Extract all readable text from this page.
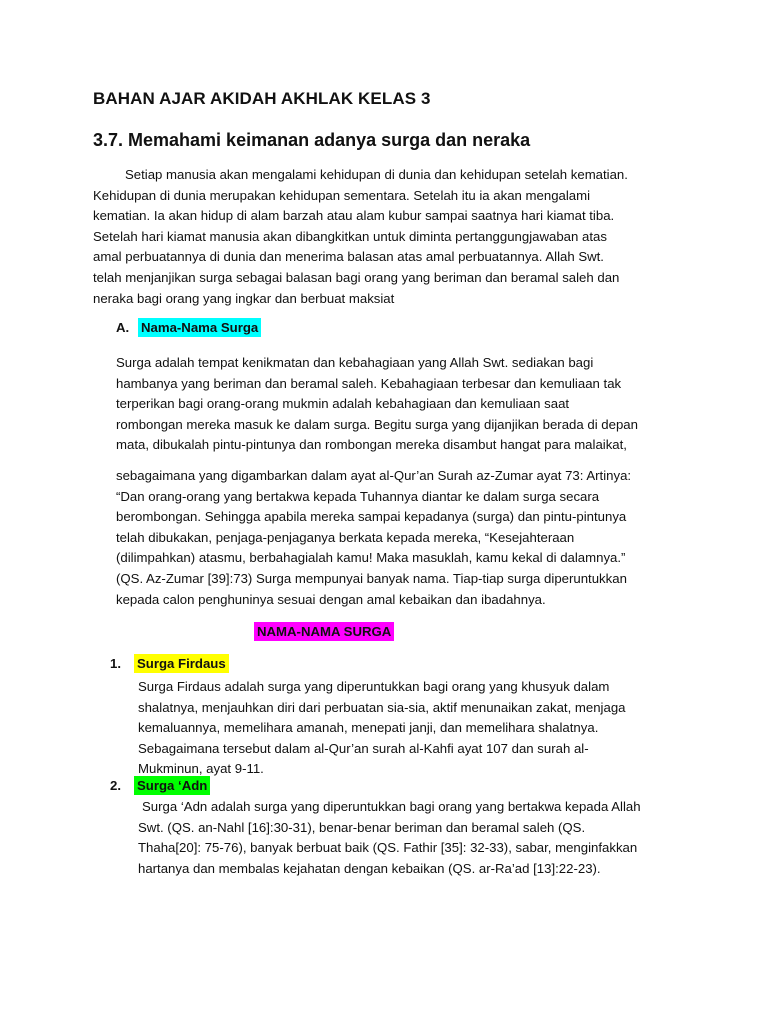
BAHAN AJAR AKIDAH AKHLAK KELAS 3
3.7. Memahami keimanan adanya surga dan neraka
Setiap manusia akan mengalami kehidupan di dunia dan kehidupan setelah kematian.
Kehidupan di dunia merupakan kehidupan sementara. Setelah itu ia akan mengalami
kematian. Ia akan hidup di alam barzah atau alam kubur sampai saatnya hari kiamat tiba.
Setelah hari kiamat manusia akan dibangkitkan untuk diminta pertanggungjawaban atas
amal perbuatannya di dunia dan menerima balasan atas amal perbuatannya. Allah Swt.
telah menjanjikan surga sebagai balasan bagi orang yang beriman dan beramal saleh dan
neraka bagi orang yang ingkar dan berbuat maksiat
A. Nama-Nama Surga
Surga adalah tempat kenikmatan dan kebahagiaan yang Allah Swt. sediakan bagi
hambanya yang beriman dan beramal saleh. Kebahagiaan terbesar dan kemuliaan tak
terperikan bagi orang-orang mukmin adalah kebahagiaan dan kemuliaan saat
rombongan mereka masuk ke dalam surga. Begitu surga yang dijanjikan berada di depan
mata, dibukalah pintu-pintunya dan rombongan mereka disambut hangat para malaikat,
sebagaimana yang digambarkan dalam ayat al-Qur’an Surah az-Zumar ayat 73: Artinya:
“Dan orang-orang yang bertakwa kepada Tuhannya diantar ke dalam surga secara
berombongan. Sehingga apabila mereka sampai kepadanya (surga) dan pintu-pintunya
telah dibukakan, penjaga-penjaganya berkata kepada mereka, “Kesejahteraan
(dilimpahkan) atasmu, berbahagialah kamu! Maka masuklah, kamu kekal di dalamnya.”
(QS. Az-Zumar [39]:73) Surga mempunyai banyak nama. Tiap-tiap surga diperuntukkan
kepada calon penghuninya sesuai dengan amal kebaikan dan ibadahnya.
NAMA-NAMA SURGA
1. Surga Firdaus
Surga Firdaus adalah surga yang diperuntukkan bagi orang yang khusyuk dalam
shalatnya, menjauhkan diri dari perbuatan sia-sia, aktif menunaikan zakat, menjaga
kemaluannya, memelihara amanah, menepati janji, dan memelihara shalatnya.
Sebagaimana tersebut dalam al-Qur’an surah al-Kahfi ayat 107 dan surah al-
Mukminun, ayat 9-11.
2. Surga ‘Adn
Surga ‘Adn adalah surga yang diperuntukkan bagi orang yang bertakwa kepada Allah
Swt. (QS. an-Nahl [16]:30-31), benar-benar beriman dan beramal saleh (QS.
Thaha[20]: 75-76), banyak berbuat baik (QS. Fathir [35]: 32-33), sabar, menginfakkan
hartanya dan membalas kejahatan dengan kebaikan (QS. ar-Ra’ad [13]:22-23).
